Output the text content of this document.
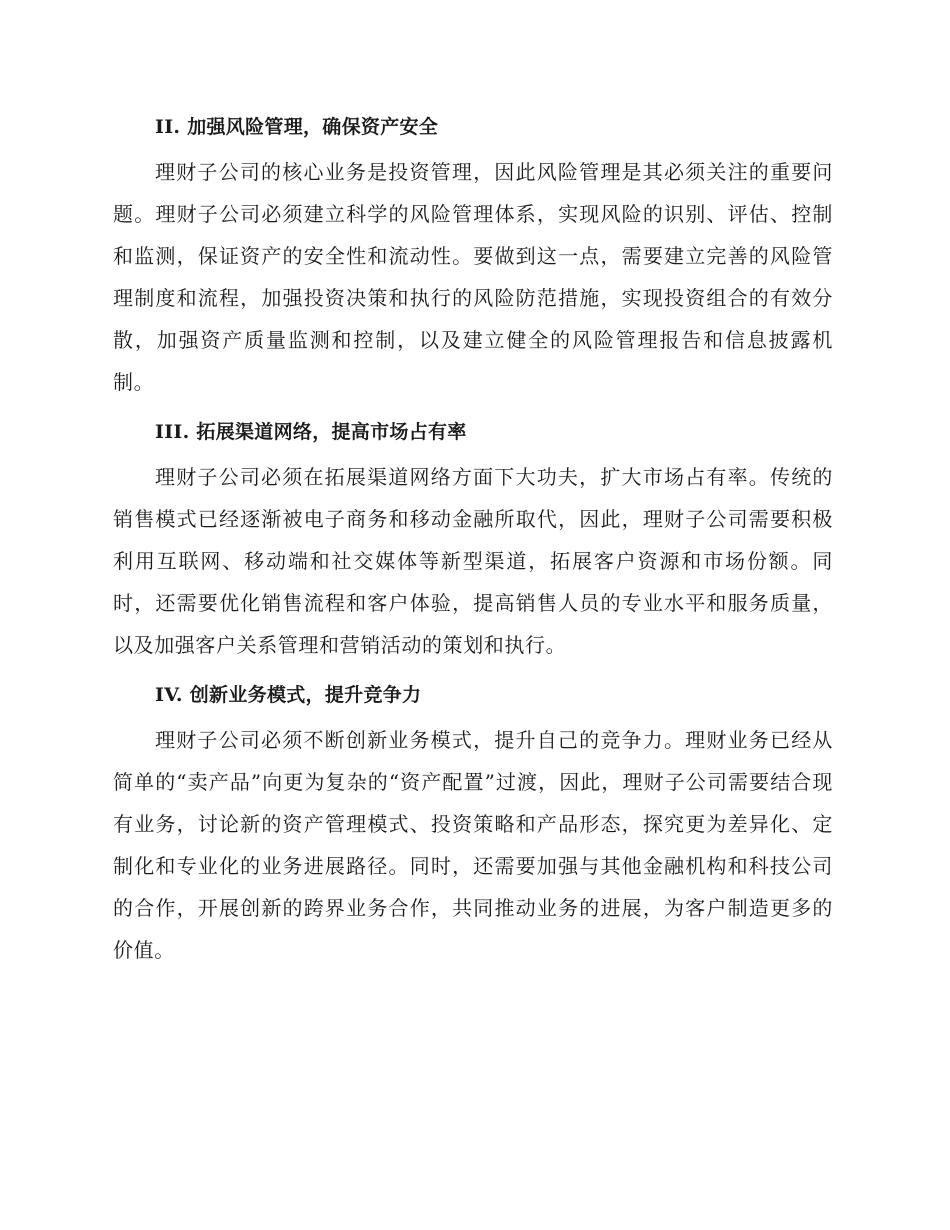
II. 加强风险管理，确保资产安全

理财子公司的核心业务是投资管理，因此风险管理是其必须关注的重要问题。理财子公司必须建立科学的风险管理体系，实现风险的识别、评估、控制和监测，保证资产的安全性和流动性。要做到这一点，需要建立完善的风险管理制度和流程，加强投资决策和执行的风险防范措施，实现投资组合的有效分散，加强资产质量监测和控制，以及建立健全的风险管理报告和信息披露机制。

III. 拓展渠道网络，提高市场占有率

理财子公司必须在拓展渠道网络方面下大功夫，扩大市场占有率。传统的销售模式已经逐渐被电子商务和移动金融所取代，因此，理财子公司需要积极利用互联网、移动端和社交媒体等新型渠道，拓展客户资源和市场份额。同时，还需要优化销售流程和客户体验，提高销售人员的专业水平和服务质量，以及加强客户关系管理和营销活动的策划和执行。

IV. 创新业务模式，提升竞争力

理财子公司必须不断创新业务模式，提升自己的竞争力。理财业务已经从简单的“卖产品”向更为复杂的“资产配置”过渡，因此，理财子公司需要结合现有业务，讨论新的资产管理模式、投资策略和产品形态，探究更为差异化、定制化和专业化的业务进展路径。同时，还需要加强与其他金融机构和科技公司的合作，开展创新的跨界业务合作，共同推动业务的进展，为客户制造更多的价值。
